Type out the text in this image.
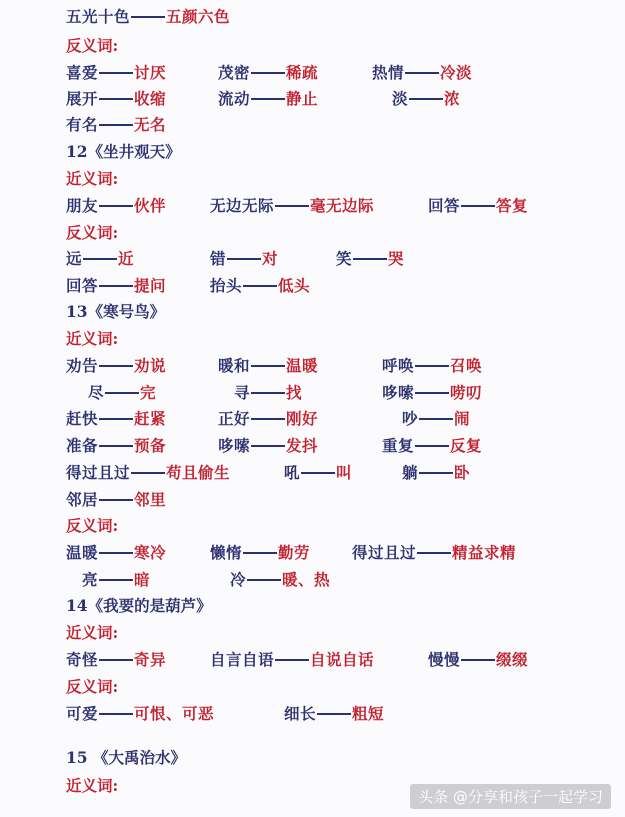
五光十色 五颜六色
反义词:
喜爱 讨厌	茂密 稀疏	热情 冷淡
展开 收缩	流动 静止	淡 浓
有名 无名
12《坐井观天》
近义词:
朋友 伙伴	无边无际 毫无边际	回答 答复
反义词:
远 近	错 对	笑 哭
回答 提问	抬头 低头
13《寒号鸟》
近义词:
劝告 劝说	暖和 温暖	呼唤 召唤
尽 完	寻 找	哆嗦 唠叨
赶快 赶紧	正好 刚好	吵 闹
准备 预备	哆嗦 发抖	重复 反复
得过且过 苟且偷生	吼 叫	躺 卧
邻居 邻里
反义词:
温暖 寒冷	懒惰 勤劳	得过且过 精益求精
亮 暗	冷 暖、热
14《我要的是葫芦》
近义词:
奇怪 奇异	自言自语 自说自话	慢慢 缀缀
反义词:
可爱 可恨、可恶	细长 粗短
15 《大禹治水》
近义词:
头条 @分享和孩子一起学习
